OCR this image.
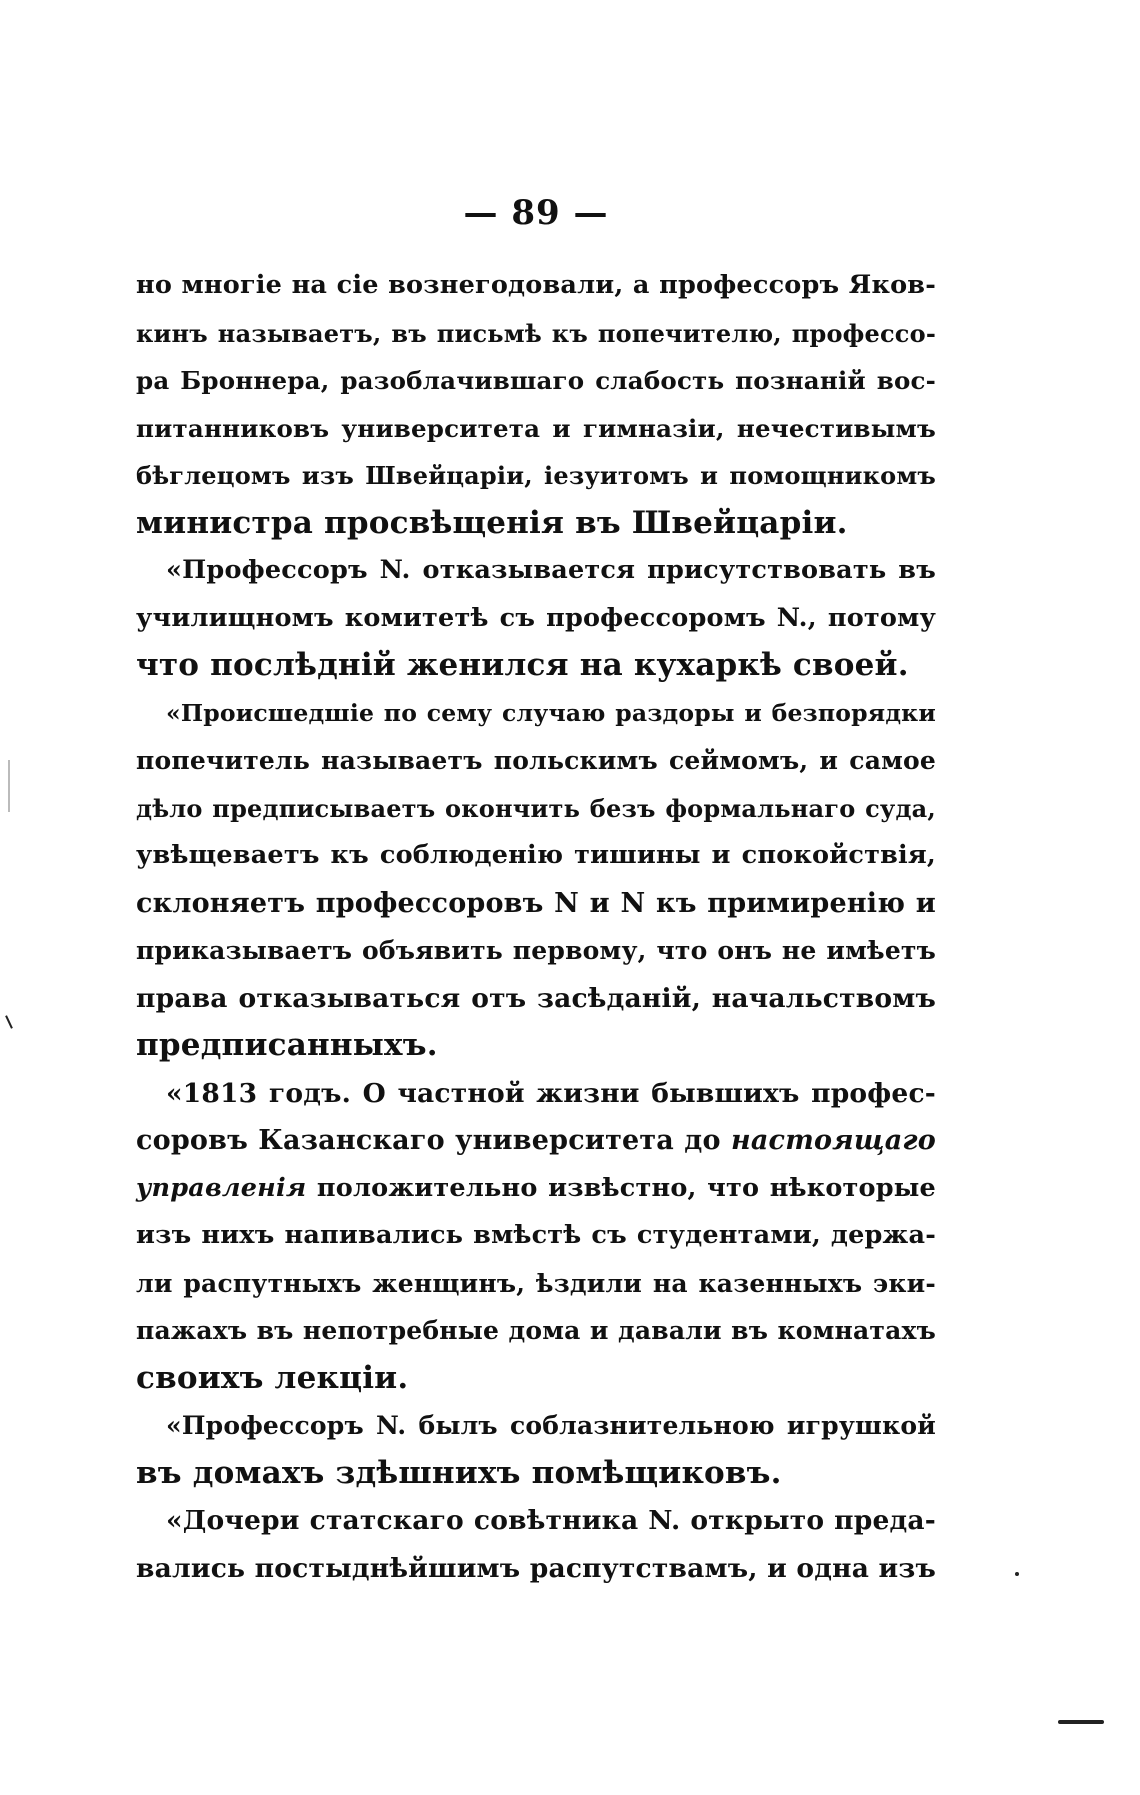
— 89 —
но многіе на сіе вознегодовали, а профессоръ Яков-
кинъ называетъ, въ письмѣ къ попечителю, профессо-
ра Броннера, разоблачившаго слабость познаній вос-
питанниковъ университета и гимназіи, нечестивымъ
бѣглецомъ изъ Швейцаріи, іезуитомъ и помощникомъ
министра просвѣщенія въ Швейцаріи.
«Профессоръ N. отказывается присутствовать въ
училищномъ комитетѣ съ профессоромъ N., потому
что послѣдній женился на кухаркѣ своей.
«Происшедшіе по сему случаю раздоры и безпорядки
попечитель называетъ польскимъ сеймомъ, и самое
дѣло предписываетъ окончить безъ формальнаго суда,
увѣщеваетъ къ соблюденію тишины и спокойствія,
склоняетъ профессоровъ N и N къ примиренію и
приказываетъ объявить первому, что онъ не имѣетъ
права отказываться отъ засѣданій, начальствомъ
предписанныхъ.
«1813 годъ. О частной жизни бывшихъ профес-
соровъ Казанскаго университета до настоящаго
управленія положительно извѣстно, что нѣкоторые
изъ нихъ напивались вмѣстѣ съ студентами, держа-
ли распутныхъ женщинъ, ѣздили на казенныхъ эки-
пажахъ въ непотребные дома и давали въ комнатахъ
своихъ лекціи.
«Профессоръ N. былъ соблазнительною игрушкой
въ домахъ здѣшнихъ помѣщиковъ.
«Дочери статскаго совѣтника N. открыто преда-
вались постыднѣйшимъ распутствамъ, и одна изъ
